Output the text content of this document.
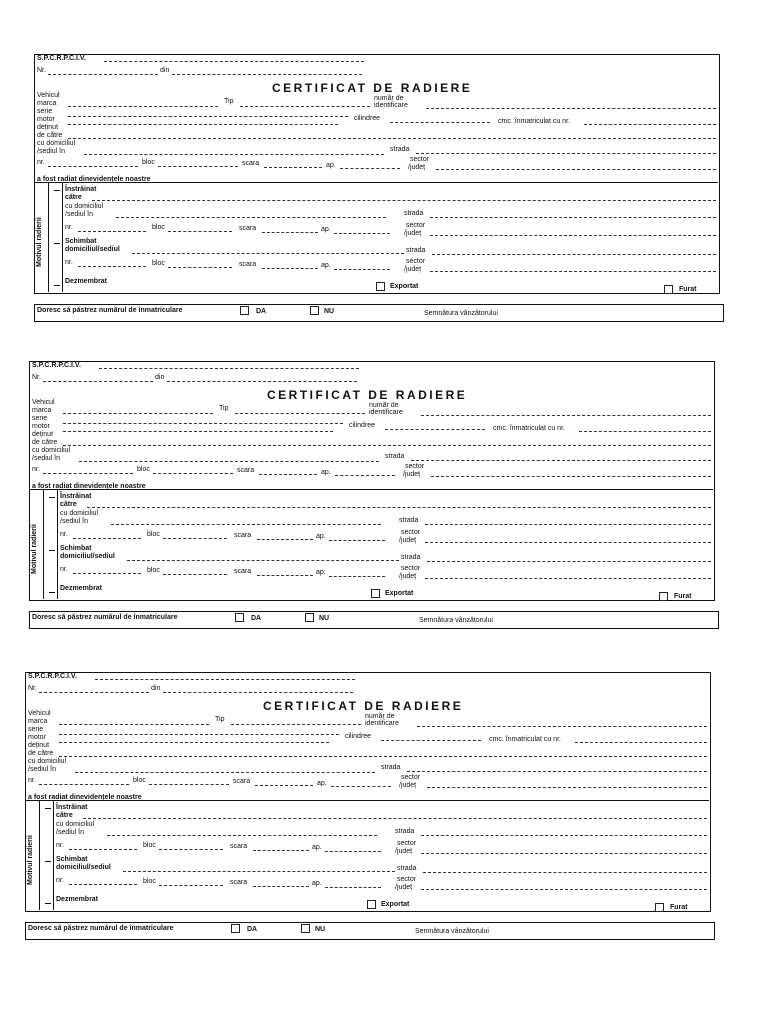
S.P.C.R.P.C.I.V.
Nr.	din
CERTIFICAT DE RADIERE
Vehicul
marca	Tip	număr de
identificare
serie
motor	cilindree	cmc. înmatriculat cu nr.
deținut
de către
cu domiciliul
/sediul în	strada
nr.	bloc	scara	ap.
sector
/județ
a fost radiat dinevidențele noastre
Motivul radierii
Înstrăinat
către
cu domiciliul
/sediul în	strada
nr.	bloc	scara	ap.
sector
/județ
Schimbat
domiciliul/sediul	strada
nr.	bloc	scara	ap.
sector
/județ
Dezmembrat
Exportat	Furat
Doresc să păstrez numărul de înmatriculare	DA	NU	Semnătura vânzătorului
S.P.C.R.P.C.I.V.
Nr.	din
CERTIFICAT DE RADIERE
Vehicul
marca	Tip	număr de
identificare
serie
motor	cilindree	cmc. înmatriculat cu nr.
deținut
de către
cu domiciliul
/sediul în	strada
nr.	bloc	scara	ap.
sector
/județ
a fost radiat dinevidențele noastre
Motivul radierii
Înstrăinat
către
cu domiciliul
/sediul în	strada
nr.	bloc	scara	ap.
sector
/județ
Schimbat
domiciliul/sediul	strada
nr.	bloc	scara	ap.
sector
/județ
Dezmembrat
Exportat	Furat
Doresc să păstrez numărul de înmatriculare	DA	NU	Semnătura vânzătorului
S.P.C.R.P.C.I.V.
Nr.	din
CERTIFICAT DE RADIERE
Vehicul
marca	Tip	număr de
identificare
serie
motor	cilindree	cmc. înmatriculat cu nr.
deținut
de către
cu domiciliul
/sediul în	strada
nr.	bloc	scara	ap.
sector
/județ
a fost radiat dinevidențele noastre
Motivul radierii
Înstrăinat
către
cu domiciliul
/sediul în	strada
nr.	bloc	scara	ap.
sector
/județ
Schimbat
domiciliul/sediul	strada
nr.	bloc	scara	ap.
sector
/județ
Dezmembrat
Exportat	Furat
Doresc să păstrez numărul de înmatriculare	DA	NU	Semnătura vânzătorului
